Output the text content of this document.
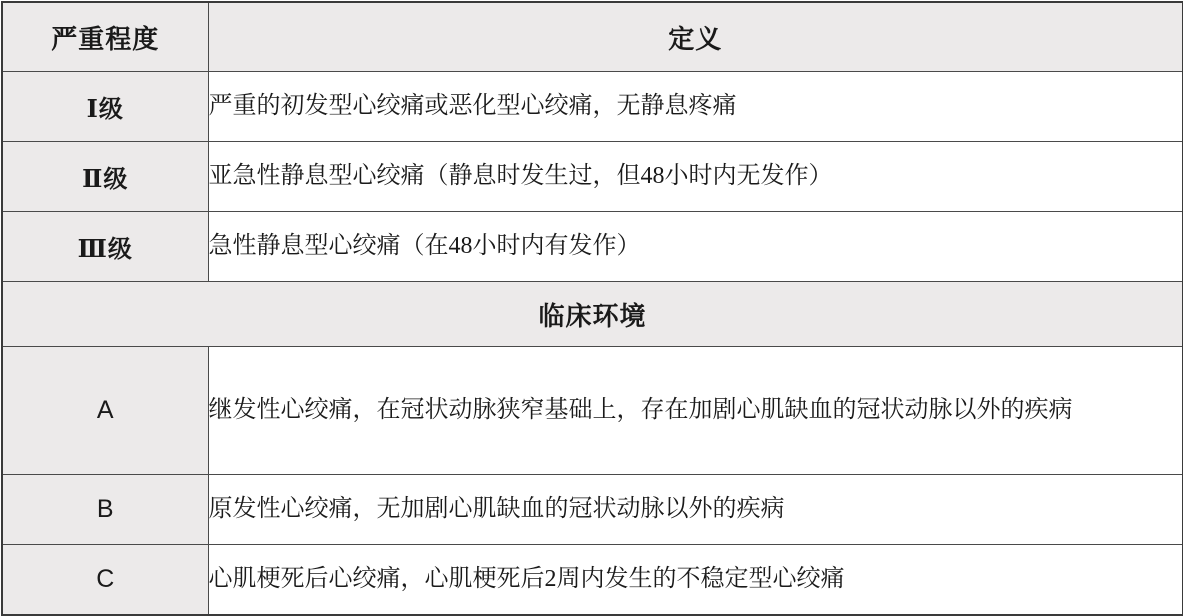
严重程度	定义
Ⅰ级	严重的初发型心绞痛或恶化型心绞痛，无静息疼痛
Ⅱ级	亚急性静息型心绞痛（静息时发生过，但48小时内无发作）
Ⅲ级	急性静息型心绞痛（在48小时内有发作）
临床环境	
A	继发性心绞痛，在冠状动脉狭窄基础上，存在加剧心肌缺血的冠状动脉以外的疾病
B	原发性心绞痛，无加剧心肌缺血的冠状动脉以外的疾病
C	心肌梗死后心绞痛，心肌梗死后2周内发生的不稳定型心绞痛
